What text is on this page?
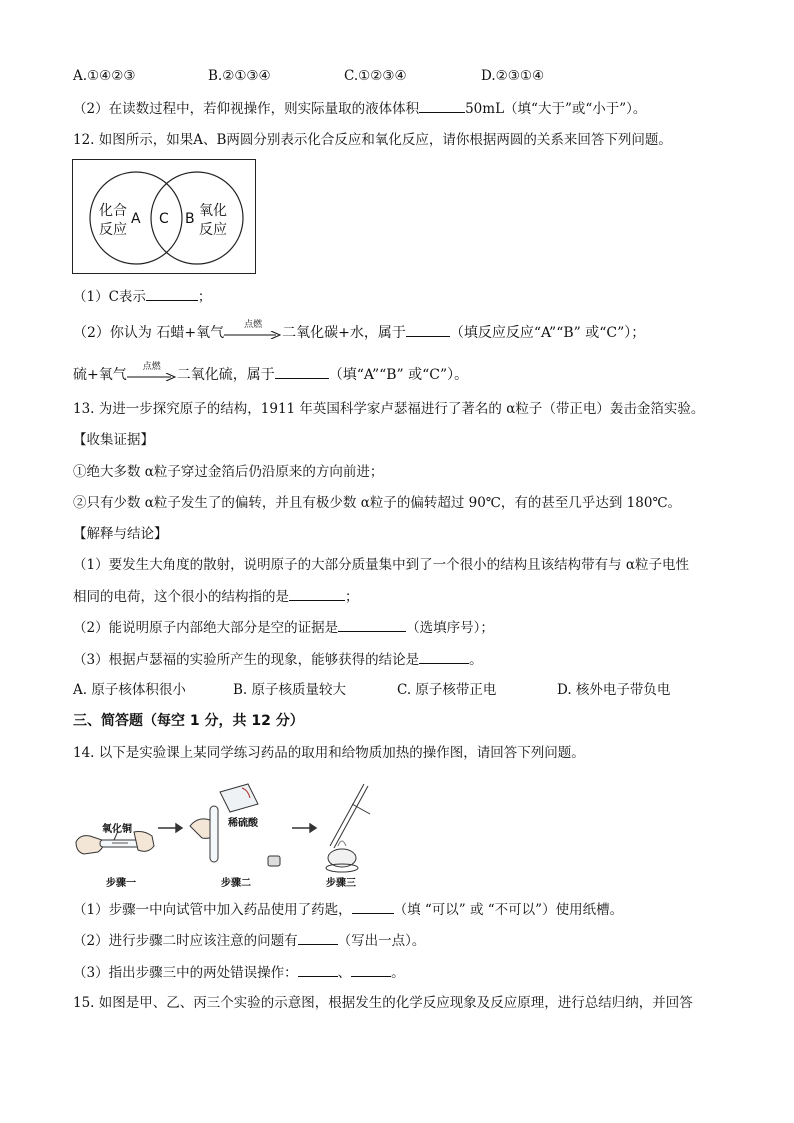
A.①④②③	B.②①③④	C.①②③④	D.②③①④
（2）在读数过程中，若仰视操作，则实际量取的液体体积	50mL（填“大于”或“小于”）。
12. 如图所示，如果A、B两圆分别表示化合反应和氧化反应，请你根据两圆的关系来回答下列问题。
化合
反应
A C B 氧化
反应
（1）C表示	；
（2）你认为 石蜡+氧气	点燃	二氧化碳+水，属于	（填反应反应“A”“B” 或“C”）；
硫+氧气	点燃	二氧化硫，属于	（填“A”“B” 或“C”）。
13. 为进一步探究原子的结构，1911 年英国科学家卢瑟福进行了著名的 α粒子（带正电）轰击金箔实验。
【收集证据】
①绝大多数 α粒子穿过金箔后仍沿原来的方向前进；
②只有少数 α粒子发生了的偏转，并且有极少数 α粒子的偏转超过 90℃，有的甚至几乎达到 180℃。
【解释与结论】
（1）要发生大角度的散射，说明原子的大部分质量集中到了一个很小的结构且该结构带有与 α粒子电性
相同的电荷，这个很小的结构指的是	；
（2）能说明原子内部绝大部分是空的证据是	（选填序号）；
（3）根据卢瑟福的实验所产生的现象，能够获得的结论是	。
A. 原子核体积很小	B. 原子核质量较大	C. 原子核带正电	D. 核外电子带负电
三、简答题（每空 1 分，共 12 分）
14. 以下是实验课上某同学练习药品的取用和给物质加热的操作图，请回答下列问题。
氧化铜
稀硫酸
步骤一	步骤二	步骤三
（1）步骤一中向试管中加入药品使用了药匙，	（填 “可以” 或 “不可以”）使用纸槽。
（2）进行步骤二时应该注意的问题有	（写出一点）。
（3）指出步骤三中的两处错误操作：	、	。
15. 如图是甲、乙、丙三个实验的示意图，根据发生的化学反应现象及反应原理，进行总结归纳，并回答
